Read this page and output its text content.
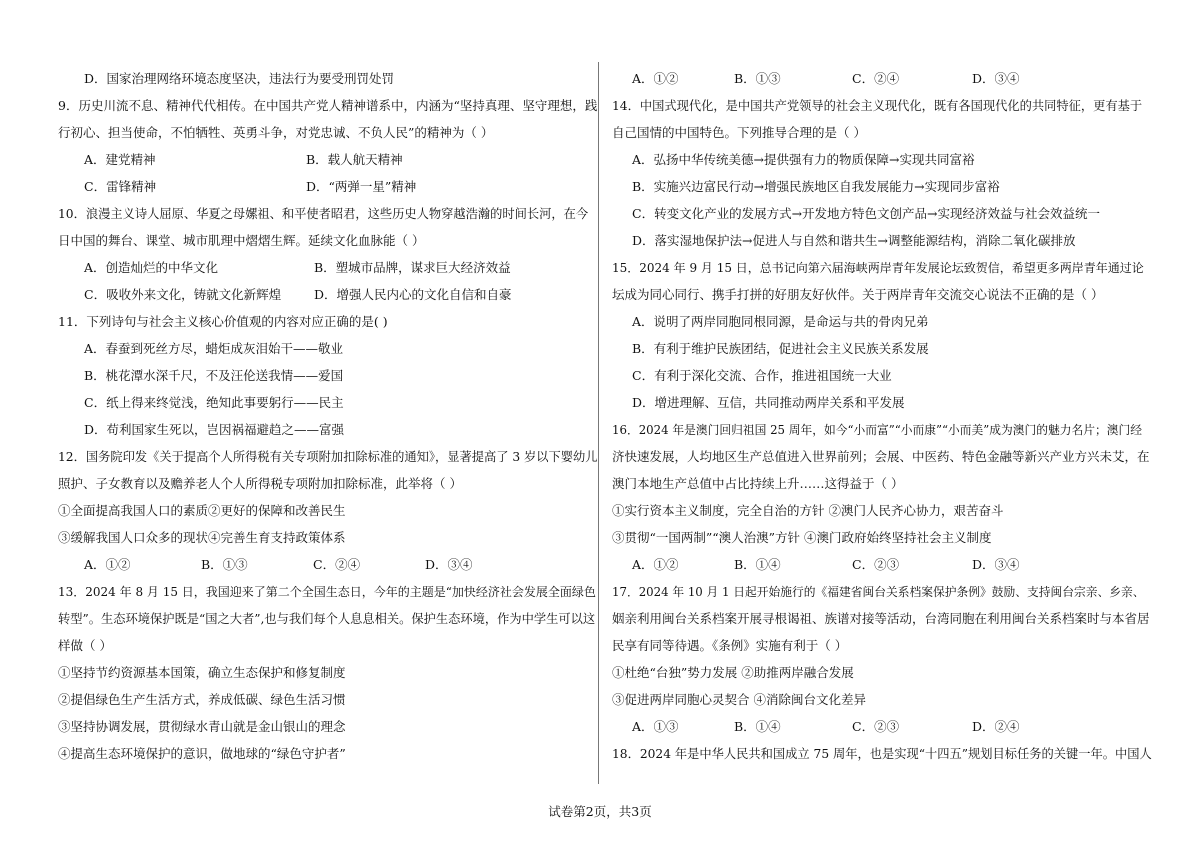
D．国家治理网络环境态度坚决，违法行为要受刑罚处罚
9．历史川流不息、精神代代相传。在中国共产党人精神谱系中，内涵为“坚持真理、坚守理想，践
行初心、担当使命，不怕牺牲、英勇斗争，对党忠诚、不负人民”的精神为（ ）
A．建党精神	B．载人航天精神
C．雷锋精神	D．“两弹一星”精神
10．浪漫主义诗人屈原、华夏之母嫘祖、和平使者昭君，这些历史人物穿越浩瀚的时间长河，在今
日中国的舞台、课堂、城市肌理中熠熠生辉。延续文化血脉能（ ）
A．创造灿烂的中华文化	B．塑城市品牌，谋求巨大经济效益
C．吸收外来文化，铸就文化新辉煌	D．增强人民内心的文化自信和自豪
11．下列诗句与社会主义核心价值观的内容对应正确的是( )
A．春蚕到死丝方尽，蜡炬成灰泪始干——敬业
B．桃花潭水深千尺，不及汪伦送我情——爱国
C．纸上得来终觉浅，绝知此事要躬行——民主
D．苟利国家生死以，岂因祸福避趋之——富强
12．国务院印发《关于提高个人所得税有关专项附加扣除标准的通知》，显著提高了 3 岁以下婴幼儿
照护、子女教育以及赡养老人个人所得税专项附加扣除标准，此举将（ ）
①全面提高我国人口的素质②更好的保障和改善民生
③缓解我国人口众多的现状④完善生育支持政策体系
A．①②	B．①③	C．②④	D．③④
13．2024 年 8 月 15 日，我国迎来了第二个全国生态日，今年的主题是“加快经济社会发展全面绿色
转型”。生态环境保护既是“国之大者”,也与我们每个人息息相关。保护生态环境，作为中学生可以这
样做（ ）
①坚持节约资源基本国策，确立生态保护和修复制度
②提倡绿色生产生活方式，养成低碳、绿色生活习惯
③坚持协调发展，贯彻绿水青山就是金山银山的理念
④提高生态环境保护的意识，做地球的“绿色守护者”
A．①②	B．①③	C．②④	D．③④
14．中国式现代化，是中国共产党领导的社会主义现代化，既有各国现代化的共同特征，更有基于
自己国情的中国特色。下列推导合理的是（ ）
A．弘扬中华传统美德→提供强有力的物质保障→实现共同富裕
B．实施兴边富民行动→增强民族地区自我发展能力→实现同步富裕
C．转变文化产业的发展方式→开发地方特色文创产品→实现经济效益与社会效益统一
D．落实湿地保护法→促进人与自然和谐共生→调整能源结构，消除二氧化碳排放
15．2024 年 9 月 15 日，总书记向第六届海峡两岸青年发展论坛致贺信，希望更多两岸青年通过论
坛成为同心同行、携手打拼的好朋友好伙伴。关于两岸青年交流交心说法不正确的是（ ）
A．说明了两岸同胞同根同源，是命运与共的骨肉兄弟
B．有利于维护民族团结，促进社会主义民族关系发展
C．有利于深化交流、合作，推进祖国统一大业
D．增进理解、互信，共同推动两岸关系和平发展
16．2024 年是澳门回归祖国 25 周年，如今“小而富”“小而康”“小而美”成为澳门的魅力名片；澳门经
济快速发展，人均地区生产总值进入世界前列；会展、中医药、特色金融等新兴产业方兴未艾，在
澳门本地生产总值中占比持续上升……这得益于（ ）
①实行资本主义制度，完全自治的方针 ②澳门人民齐心协力，艰苦奋斗
③贯彻“一国两制”“澳人治澳”方针 ④澳门政府始终坚持社会主义制度
A．①②	B．①④	C．②③	D．③④
17．2024 年 10 月 1 日起开始施行的《福建省闽台关系档案保护条例》鼓励、支持闽台宗亲、乡亲、
姻亲利用闽台关系档案开展寻根谒祖、族谱对接等活动，台湾同胞在利用闽台关系档案时与本省居
民享有同等待遇。《条例》实施有利于（ ）
①杜绝“台独”势力发展 ②助推两岸融合发展
③促进两岸同胞心灵契合 ④消除闽台文化差异
A．①③	B．①④	C．②③	D．②④
18．2024 年是中华人民共和国成立 75 周年，也是实现“十四五”规划目标任务的关键一年。中国人
试卷第2页，共3页
